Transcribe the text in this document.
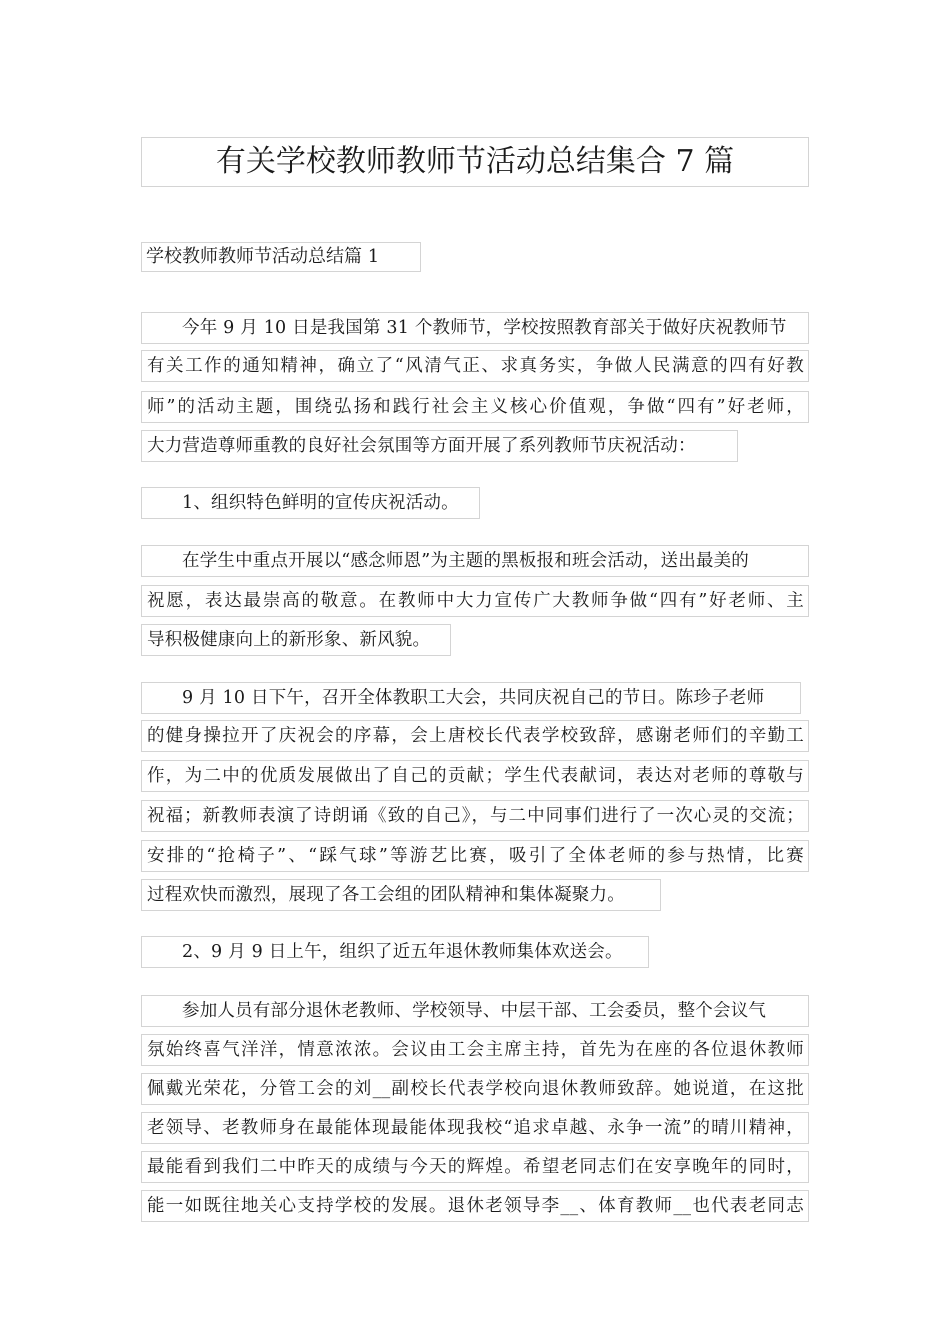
有关学校教师教师节活动总结集合 7 篇
学校教师教师节活动总结篇 1
今年 9 月 10 日是我国第 31 个教师节，学校按照教育部关于做好庆祝教师节
有关工作的通知精神，确立了“风清气正、求真务实，争做人民满意的四有好教
师”的活动主题，围绕弘扬和践行社会主义核心价值观，争做“四有”好老师，
大力营造尊师重教的良好社会氛围等方面开展了系列教师节庆祝活动：
1、组织特色鲜明的宣传庆祝活动。
在学生中重点开展以“感念师恩”为主题的黑板报和班会活动，送出最美的
祝愿，表达最崇高的敬意。在教师中大力宣传广大教师争做“四有”好老师、主
导积极健康向上的新形象、新风貌。
9 月 10 日下午，召开全体教职工大会，共同庆祝自己的节日。陈珍子老师
的健身操拉开了庆祝会的序幕，会上唐校长代表学校致辞，感谢老师们的辛勤工
作，为二中的优质发展做出了自己的贡献；学生代表献词，表达对老师的尊敬与
祝福；新教师表演了诗朗诵《致的自己》，与二中同事们进行了一次心灵的交流；
安排的“抢椅子”、“踩气球”等游艺比赛，吸引了全体老师的参与热情，比赛
过程欢快而激烈，展现了各工会组的团队精神和集体凝聚力。
2、9 月 9 日上午，组织了近五年退休教师集体欢送会。
参加人员有部分退休老教师、学校领导、中层干部、工会委员，整个会议气
氛始终喜气洋洋，情意浓浓。会议由工会主席主持，首先为在座的各位退休教师
佩戴光荣花，分管工会的刘__副校长代表学校向退休教师致辞。她说道，在这批
老领导、老教师身在最能体现最能体现我校“追求卓越、永争一流”的晴川精神，
最能看到我们二中昨天的成绩与今天的辉煌。希望老同志们在安享晚年的同时，
能一如既往地关心支持学校的发展。退休老领导李__、体育教师__也代表老同志
